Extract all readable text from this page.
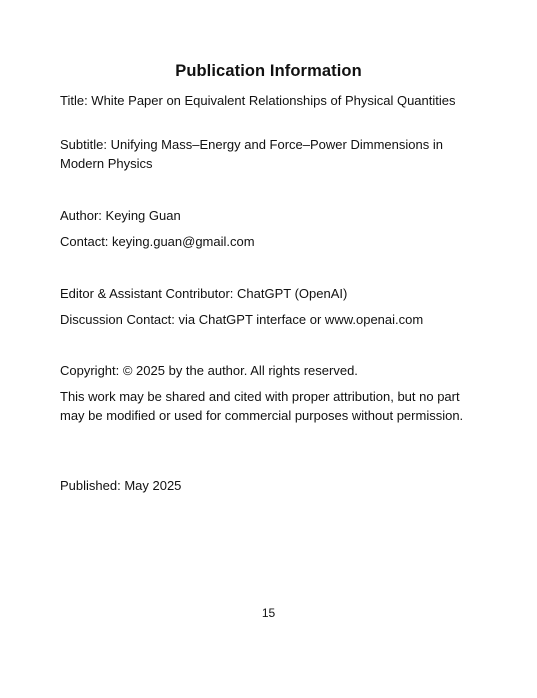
Publication Information
Title: White Paper on Equivalent Relationships of Physical Quantities
Subtitle: Unifying Mass–Energy and Force–Power Dimmensions in Modern Physics
Author: Keying Guan
Contact: keying.guan@gmail.com
Editor & Assistant Contributor: ChatGPT (OpenAI)
Discussion Contact: via ChatGPT interface or www.openai.com
Copyright: © 2025 by the author. All rights reserved.
This work may be shared and cited with proper attribution, but no part may be modified or used for commercial purposes without permission.
Published: May 2025
15
